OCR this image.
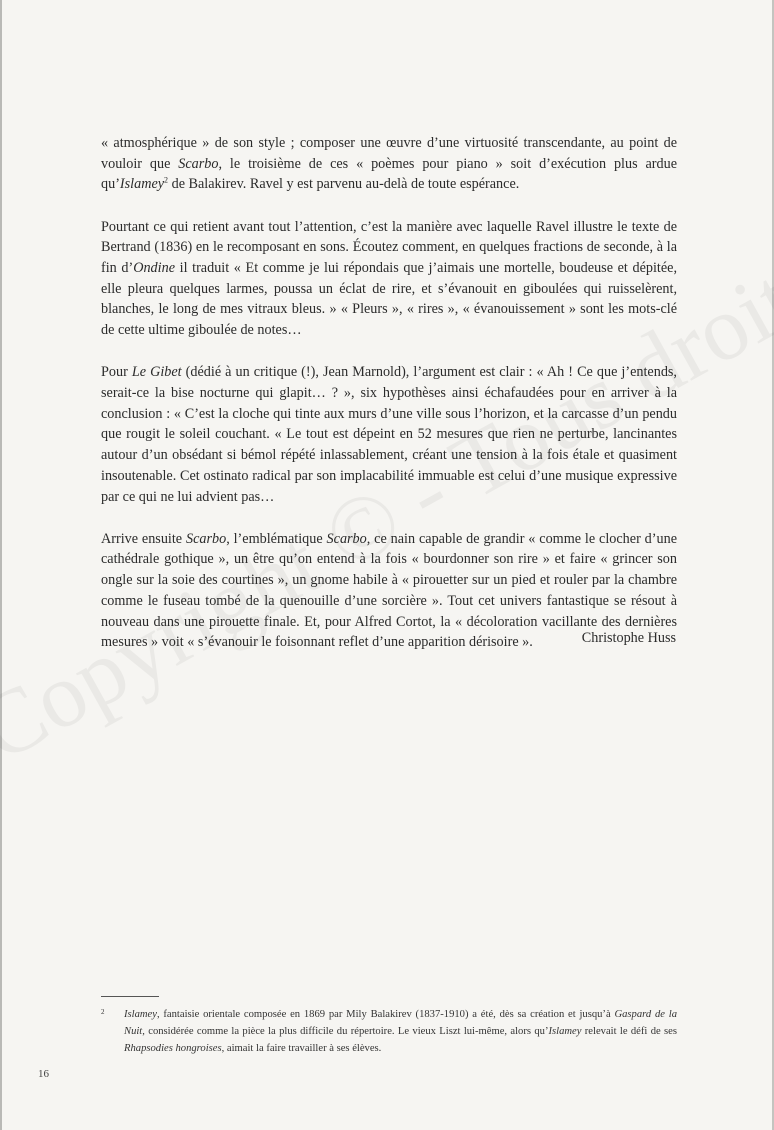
« atmosphérique » de son style ; composer une œuvre d’une virtuosité transcendante, au point de vouloir que Scarbo, le troisième de ces « poèmes pour piano » soit d’exécution plus ardue qu’Islamey$^2$ de Balakirev. Ravel y est parvenu au-delà de toute espérance.

Pourtant ce qui retient avant tout l’attention, c’est la manière avec laquelle Ravel illustre le texte de Bertrand (1836) en le recomposant en sons. Écoutez comment, en quelques fractions de seconde, à la fin d’Ondine il traduit « Et comme je lui répondais que j’aimais une mortelle, boudeuse et dépitée, elle pleura quelques larmes, poussa un éclat de rire, et s’évanouit en giboulées qui ruisselèrent, blanches, le long de mes vitraux bleus. » « Pleurs », « rires », « évanouissement » sont les mots-clé de cette ultime giboulée de notes…

Pour Le Gibet (dédié à un critique (!), Jean Marnold), l’argument est clair : « Ah ! Ce que j’entends, serait-ce la bise nocturne qui glapit… ? », six hypothèses ainsi échafaudées pour en arriver à la conclusion : « C’est la cloche qui tinte aux murs d’une ville sous l’horizon, et la carcasse d’un pendu que rougit le soleil couchant. « Le tout est dépeint en 52 mesures que rien ne perturbe, lancinantes autour d’un obsédant si bémol répété inlassablement, créant une tension à la fois étale et quasiment insoutenable. Cet ostinato radical par son implacabilité immuable est celui d’une musique expressive par ce qui ne lui advient pas…

Arrive ensuite Scarbo, l’emblématique Scarbo, ce nain capable de grandir « comme le clocher d’une cathédrale gothique », un être qu’on entend à la fois « bourdonner son rire » et faire « grincer son ongle sur la soie des courtines », un gnome habile à « pirouetter sur un pied et rouler par la chambre comme le fuseau tombé de la quenouille d’une sorcière ». Tout cet univers fantastique se résout à nouveau dans une pirouette finale. Et, pour Alfred Cortot, la « décoloration vacillante des dernières mesures » voit « s’évanouir le foisonnant reflet d’une apparition dérisoire ».	Christophe Huss
2	Islamey, fantaisie orientale composée en 1869 par Mily Balakirev (1837-1910) a été, dès sa création et jusqu’à Gaspard de la Nuit, considérée comme la pièce la plus difficile du répertoire. Le vieux Liszt lui-même, alors qu’Islamey relevait le défi de ses Rhapsodies hongroises, aimait la faire travailler à ses élèves.
16
